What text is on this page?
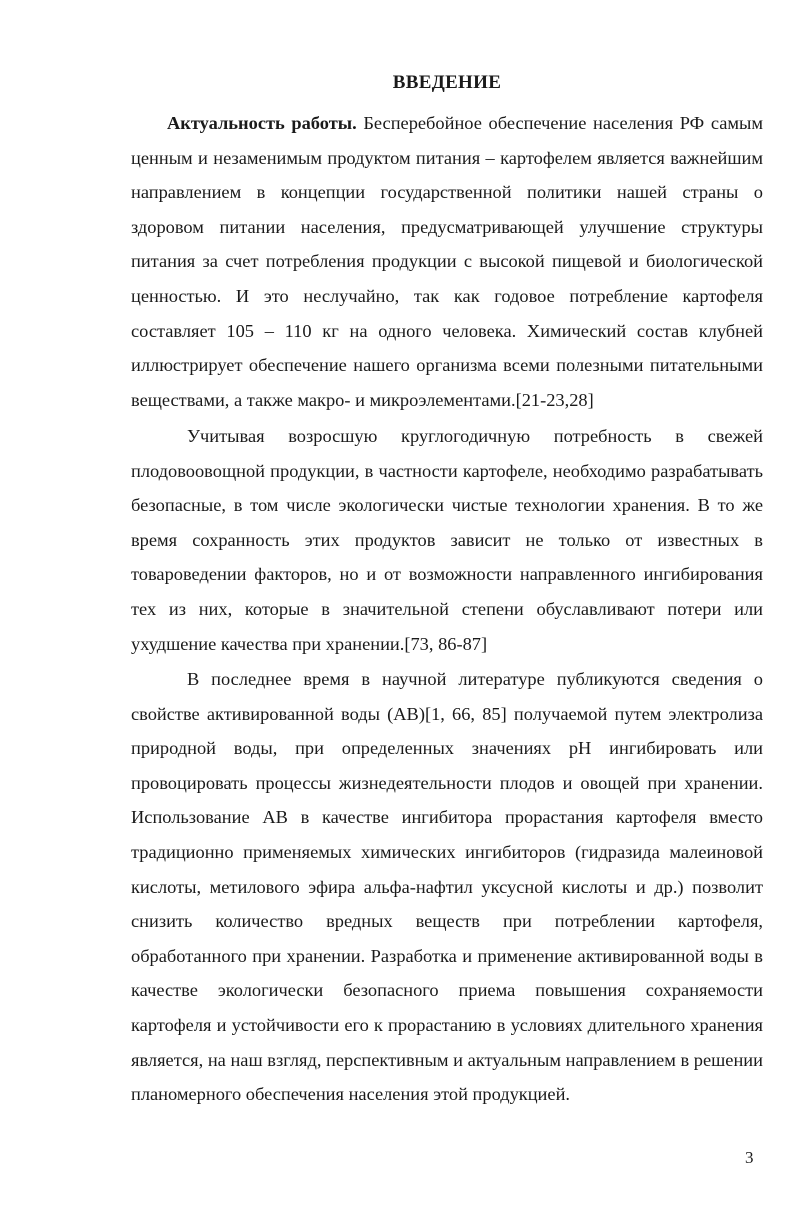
ВВЕДЕНИЕ

Актуальность работы. Бесперебойное обеспечение населения РФ самым ценным и незаменимым продуктом питания – картофелем является важнейшим направлением в концепции государственной политики нашей страны о здоровом питании населения, предусматривающей улучшение структуры питания за счет потребления продукции с высокой пищевой и биологической ценностью. И это неслучайно, так как годовое потребление картофеля составляет 105 – 110 кг на одного человека. Химический состав клубней иллюстрирует обеспечение нашего организма всеми полезными питательными веществами, а также макро- и микроэлементами.[21-23,28]

Учитывая возросшую круглогодичную потребность в свежей плодовоовощной продукции, в частности картофеле, необходимо разрабатывать безопасные, в том числе экологически чистые технологии хранения. В то же время сохранность этих продуктов зависит не только от известных в товароведении факторов, но и от возможности направленного ингибирования тех из них, которые в значительной степени обуславливают потери или ухудшение качества при хранении.[73, 86-87]

В последнее время в научной литературе публикуются сведения о свойстве активированной воды (АВ)[1, 66, 85] получаемой путем электролиза природной воды, при определенных значениях pH ингибировать или провоцировать процессы жизнедеятельности плодов и овощей при хранении. Использование АВ в качестве ингибитора прорастания картофеля вместо традиционно применяемых химических ингибиторов (гидразида малеиновой кислоты, метилового эфира альфа-нафтил уксусной кислоты и др.) позволит снизить количество вредных веществ при потреблении картофеля, обработанного при хранении. Разработка и применение активированной воды в качестве экологически безопасного приема повышения сохраняемости картофеля и устойчивости его к прорастанию в условиях длительного хранения является, на наш взгляд, перспективным и актуальным направлением в решении планомерного обеспечения населения этой продукцией.

3
